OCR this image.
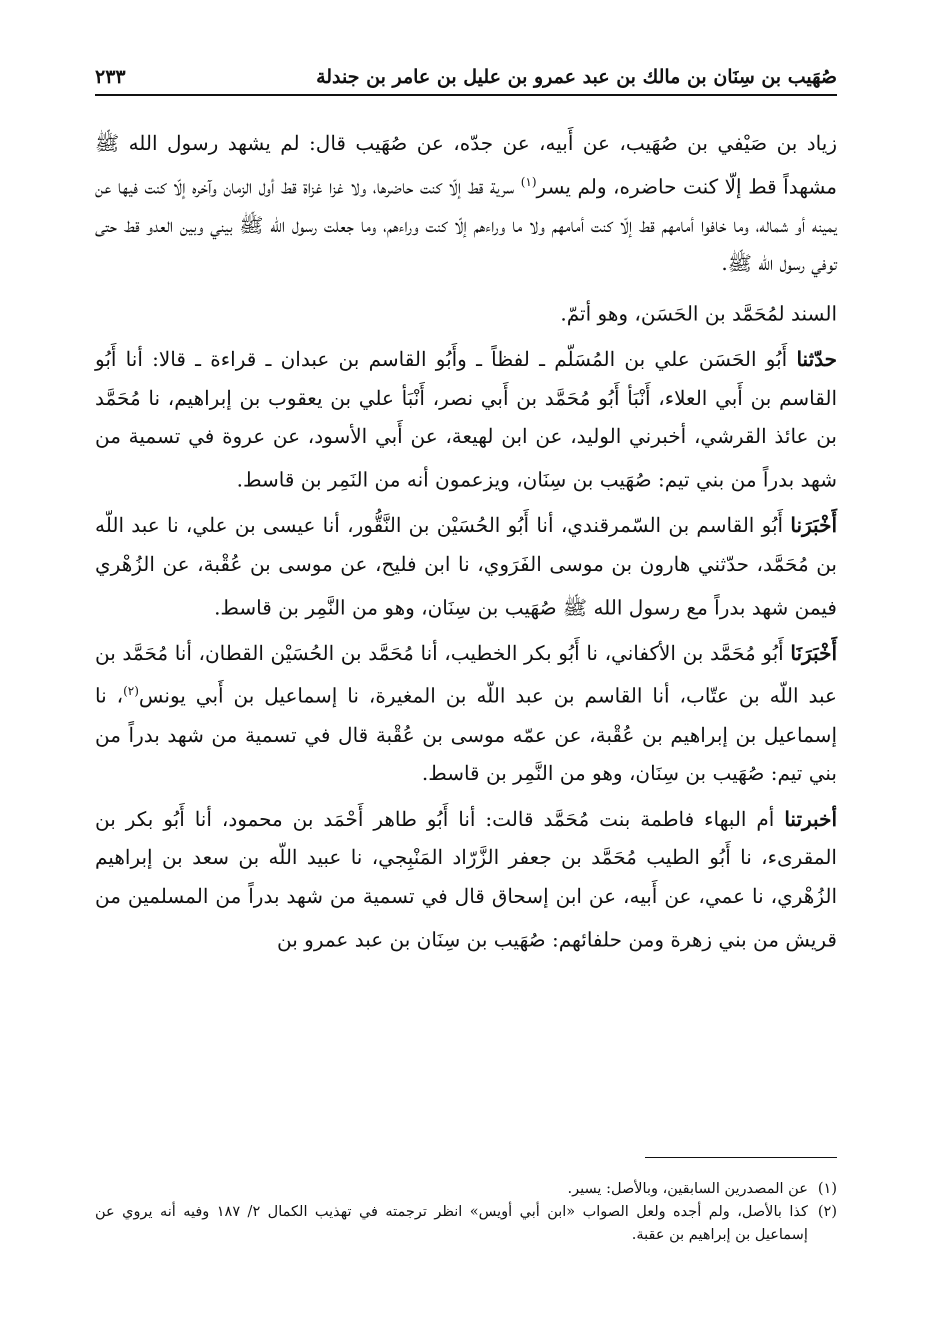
صُهَيب بن سِنَان بن مالك بن عبد عمرو بن عليل بن عامر بن جندلة
٢٣٣

زياد بن صَيْفي بن صُهَيب، عن أَبيه، عن جدّه، عن صُهَيب قال: لم يشهد رسول الله ﷺ مشهداً قط إلّا كنت حاضره، ولم يسر$^{(١)}$ سرية قط إلّا كنت حاضرها، ولا غزا غزاة قط أول الزمان وآخره إلّا كنت فيها عن يمينه أو شماله، وما خافوا أمامهم قط إلّا كنت أمامهم ولا ما وراءهم إلّا كنت وراءهم، وما جعلت رسول الله ﷺ بيني وبين العدو قط حتى توفي رسول الله ﷺ.

السند لمُحَمَّد بن الحَسَن، وهو أتمّ.

حدّثنا أَبُو الحَسَن علي بن المُسَلّم ـ لفظاً ـ وأَبُو القاسم بن عبدان ـ قراءة ـ قالا: أنا أَبُو القاسم بن أَبي العلاء، أَنْبَأ أَبُو مُحَمَّد بن أَبي نصر، أَنْبَأ علي بن يعقوب بن إبراهيم، نا مُحَمَّد بن عائذ القرشي، أخبرني الوليد، عن ابن لهيعة، عن أَبي الأسود، عن عروة في تسمية من شهد بدراً من بني تيم: صُهَيب بن سِنَان، ويزعمون أنه من النَمِر بن قاسط.

أَخْبَرَنا أَبُو القاسم بن السّمرقندي، أنا أَبُو الحُسَيْن بن النَّقُّور، أنا عيسى بن علي، نا عبد اللّه بن مُحَمَّد، حدّثني هارون بن موسى الفَرَوي، نا ابن فليح، عن موسى بن عُقْبة، عن الزُهْري فيمن شهد بدراً مع رسول الله ﷺ صُهَيب بن سِنَان، وهو من النَّمِر بن قاسط.

أَخْبَرَنَا أَبُو مُحَمَّد بن الأكفاني، نا أَبُو بكر الخطيب، أنا مُحَمَّد بن الحُسَيْن القطان، أنا مُحَمَّد بن عبد اللّه بن عتّاب، أنا القاسم بن عبد اللّه بن المغيرة، نا إسماعيل بن أَبي يونس$^{(٢)}$، نا إسماعيل بن إبراهيم بن عُقْبة، عن عمّه موسى بن عُقْبة قال في تسمية من شهد بدراً من بني تيم: صُهَيب بن سِنَان، وهو من النَّمِر بن قاسط.

أخبرتنا أم البهاء فاطمة بنت مُحَمَّد قالت: أنا أَبُو طاهر أَحْمَد بن محمود، أنا أَبُو بكر بن المقرىء، نا أَبُو الطيب مُحَمَّد بن جعفر الزَّرّاد المَنْبِجي، نا عبيد اللّه بن سعد بن إبراهيم الزُهْري، نا عمي، عن أَبيه، عن ابن إسحاق قال في تسمية من شهد بدراً من المسلمين من قريش من بني زهرة ومن حلفائهم: صُهَيب بن سِنَان بن عبد عمرو بن

(١)
عن المصدرين السابقين، وبالأصل: يسير.
(٢)
كذا بالأصل، ولم أجده ولعل الصواب «ابن أبي أويس» انظر ترجمته في تهذيب الكمال ٢/ ١٨٧ وفيه أنه يروي عن إسماعيل بن إبراهيم بن عقبة.
